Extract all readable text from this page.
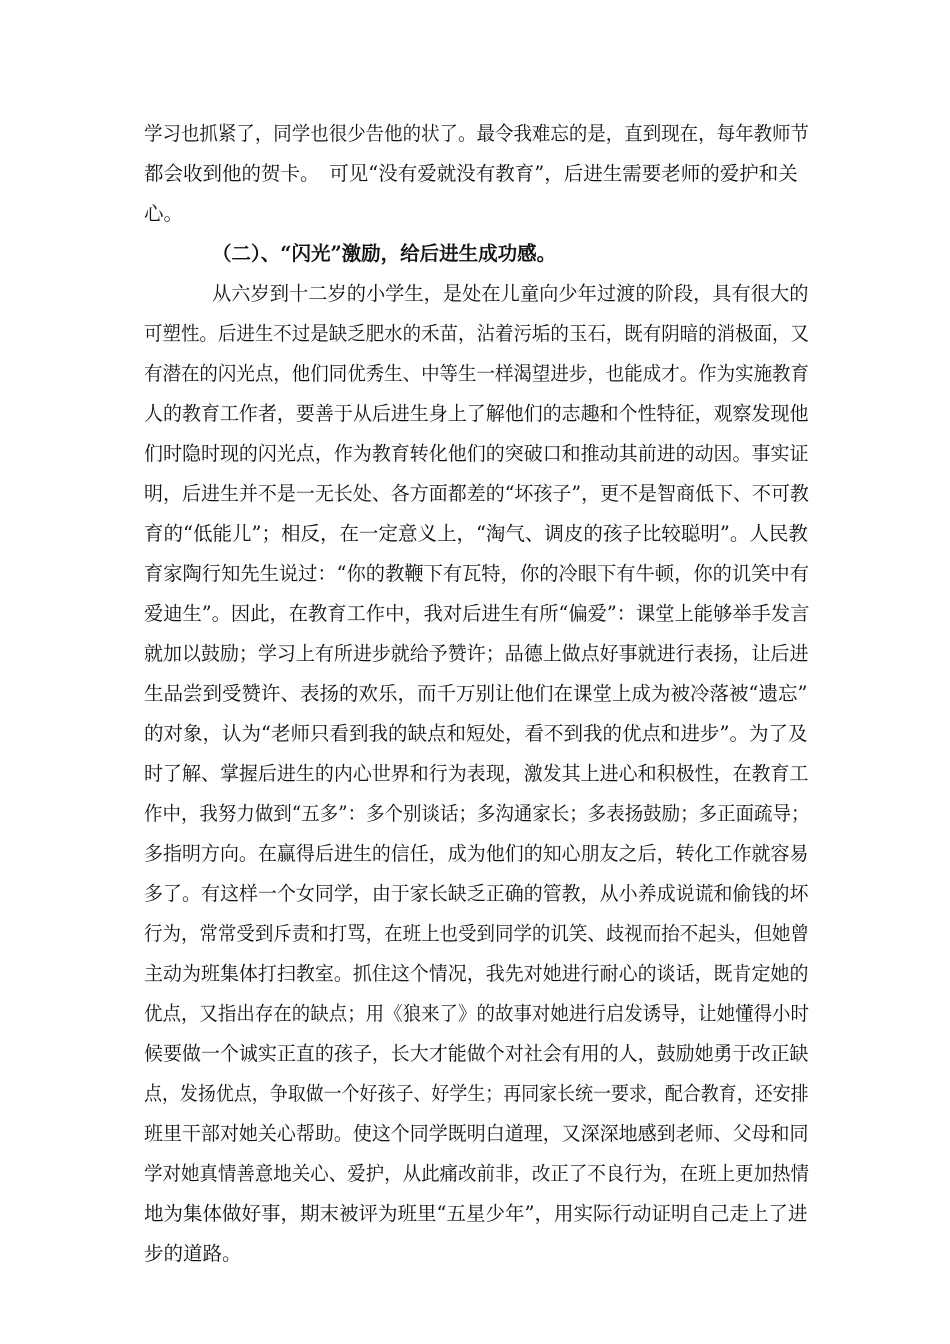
学习也抓紧了，同学也很少告他的状了。最令我难忘的是，直到现在，每年教师节
都会收到他的贺卡。　可见“没有爱就没有教育”，后进生需要老师的爱护和关
心。
（二）、“闪光”激励，给后进生成功感。
从六岁到十二岁的小学生，是处在儿童向少年过渡的阶段，具有很大的
可塑性。后进生不过是缺乏肥水的禾苗，沾着污垢的玉石，既有阴暗的消极面，又
有潜在的闪光点，他们同优秀生、中等生一样渴望进步，也能成才。作为实施教育
人的教育工作者，要善于从后进生身上了解他们的志趣和个性特征，观察发现他
们时隐时现的闪光点，作为教育转化他们的突破口和推动其前进的动因。事实证
明，后进生并不是一无长处、各方面都差的“坏孩子”，更不是智商低下、不可教
育的“低能儿”；相反，在一定意义上，“淘气、调皮的孩子比较聪明”。人民教
育家陶行知先生说过：“你的教鞭下有瓦特，你的冷眼下有牛顿，你的讥笑中有
爱迪生”。因此，在教育工作中，我对后进生有所“偏爱”：课堂上能够举手发言
就加以鼓励；学习上有所进步就给予赞许；品德上做点好事就进行表扬，让后进
生品尝到受赞许、表扬的欢乐，而千万别让他们在课堂上成为被冷落被“遗忘”
的对象，认为“老师只看到我的缺点和短处，看不到我的优点和进步”。为了及
时了解、掌握后进生的内心世界和行为表现，激发其上进心和积极性，在教育工
作中，我努力做到“五多”：多个别谈话；多沟通家长；多表扬鼓励；多正面疏导；
多指明方向。在赢得后进生的信任，成为他们的知心朋友之后，转化工作就容易
多了。有这样一个女同学，由于家长缺乏正确的管教，从小养成说谎和偷钱的坏
行为，常常受到斥责和打骂，在班上也受到同学的讥笑、歧视而抬不起头，但她曾
主动为班集体打扫教室。抓住这个情况，我先对她进行耐心的谈话，既肯定她的
优点，又指出存在的缺点；用《狼来了》的故事对她进行启发诱导，让她懂得小时
候要做一个诚实正直的孩子，长大才能做个对社会有用的人，鼓励她勇于改正缺
点，发扬优点，争取做一个好孩子、好学生；再同家长统一要求，配合教育，还安排
班里干部对她关心帮助。使这个同学既明白道理，又深深地感到老师、父母和同
学对她真情善意地关心、爱护，从此痛改前非，改正了不良行为，在班上更加热情
地为集体做好事，期末被评为班里“五星少年”，用实际行动证明自己走上了进
步的道路。
